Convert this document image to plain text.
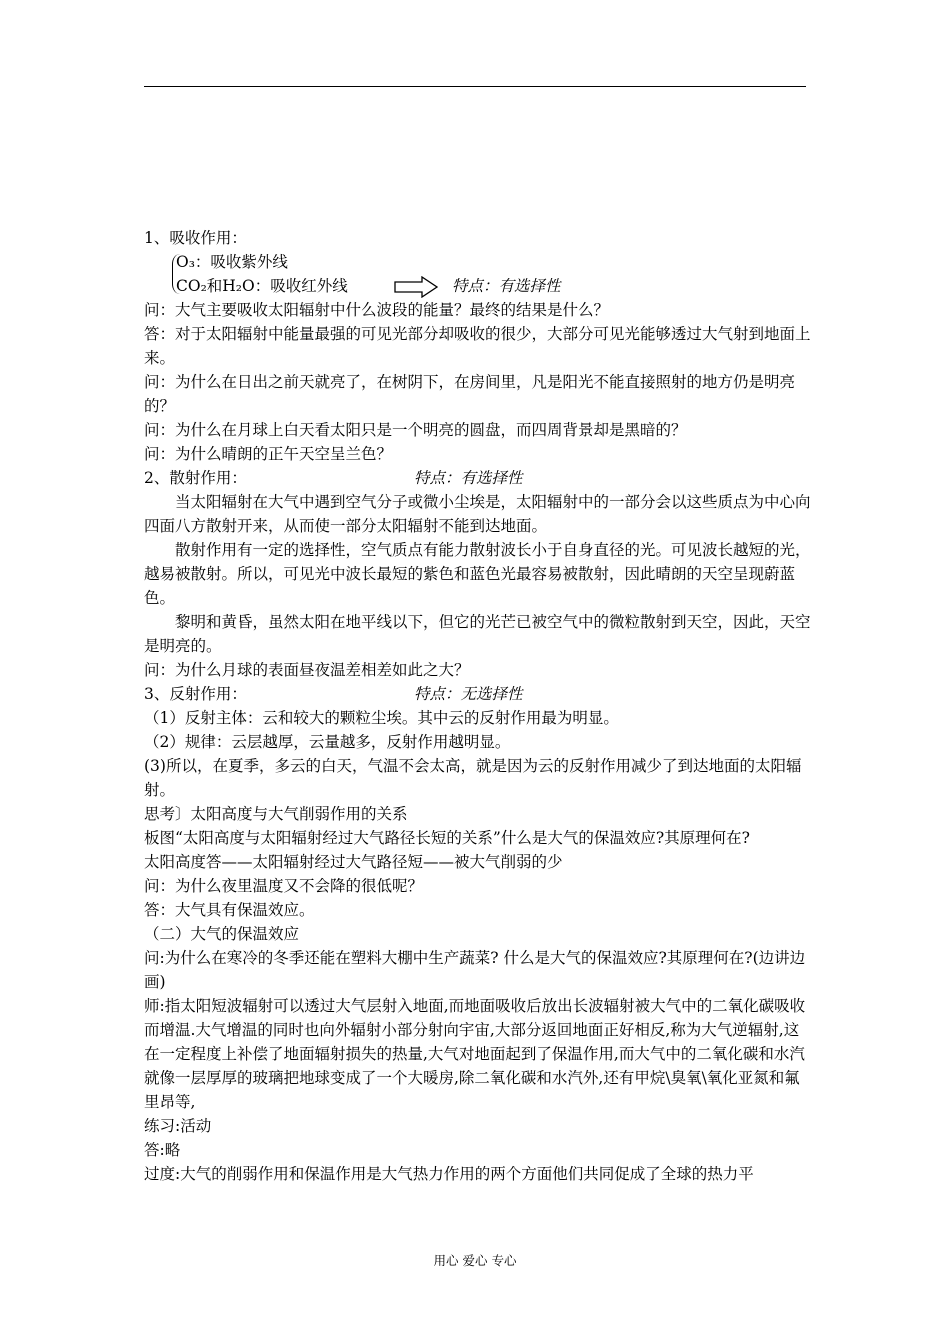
1、吸收作用：
O₃：吸收紫外线
CO₂和H₂O：吸收红外线	特点：有选择性
问：大气主要吸收太阳辐射中什么波段的能量？最终的结果是什么？
答：对于太阳辐射中能量最强的可见光部分却吸收的很少，大部分可见光能够透过大气射到地面上来。
问：为什么在日出之前天就亮了，在树阴下，在房间里，凡是阳光不能直接照射的地方仍是明亮的？
问：为什么在月球上白天看太阳只是一个明亮的圆盘，而四周背景却是黑暗的？
问：为什么晴朗的正午天空呈兰色？
2、散射作用：	特点：有选择性
当太阳辐射在大气中遇到空气分子或微小尘埃是，太阳辐射中的一部分会以这些质点为中心向四面八方散射开来，从而使一部分太阳辐射不能到达地面。
散射作用有一定的选择性，空气质点有能力散射波长小于自身直径的光。可见波长越短的光，越易被散射。所以，可见光中波长最短的紫色和蓝色光最容易被散射，因此晴朗的天空呈现蔚蓝色。
黎明和黄昏，虽然太阳在地平线以下，但它的光芒已被空气中的微粒散射到天空，因此，天空是明亮的。
问：为什么月球的表面昼夜温差相差如此之大？
3、反射作用：	特点：无选择性
（1）反射主体：云和较大的颗粒尘埃。其中云的反射作用最为明显。
（2）规律：云层越厚，云量越多，反射作用越明显。
(3)所以，在夏季，多云的白天，气温不会太高，就是因为云的反射作用减少了到达地面的太阳辐射。
思考〕太阳高度与大气削弱作用的关系
板图“太阳高度与太阳辐射经过大气路径长短的关系”什么是大气的保温效应?其原理何在?
太阳高度答——太阳辐射经过大气路径短——被大气削弱的少
问：为什么夜里温度又不会降的很低呢？
答：大气具有保温效应。
（二）大气的保温效应
问:为什么在寒冷的冬季还能在塑料大棚中生产蔬菜? 什么是大气的保温效应?其原理何在?(边讲边画)
师:指太阳短波辐射可以透过大气层射入地面,而地面吸收后放出长波辐射被大气中的二氧化碳吸收而增温.大气增温的同时也向外辐射小部分射向宇宙,大部分返回地面正好相反,称为大气逆辐射,这在一定程度上补偿了地面辐射损失的热量,大气对地面起到了保温作用,而大气中的二氧化碳和水汽就像一层厚厚的玻璃把地球变成了一个大暖房,除二氧化碳和水汽外,还有甲烷\臭氧\氧化亚氮和氟里昂等,
练习:活动
答:略
过度:大气的削弱作用和保温作用是大气热力作用的两个方面他们共同促成了全球的热力平
用心 爱心 专心
